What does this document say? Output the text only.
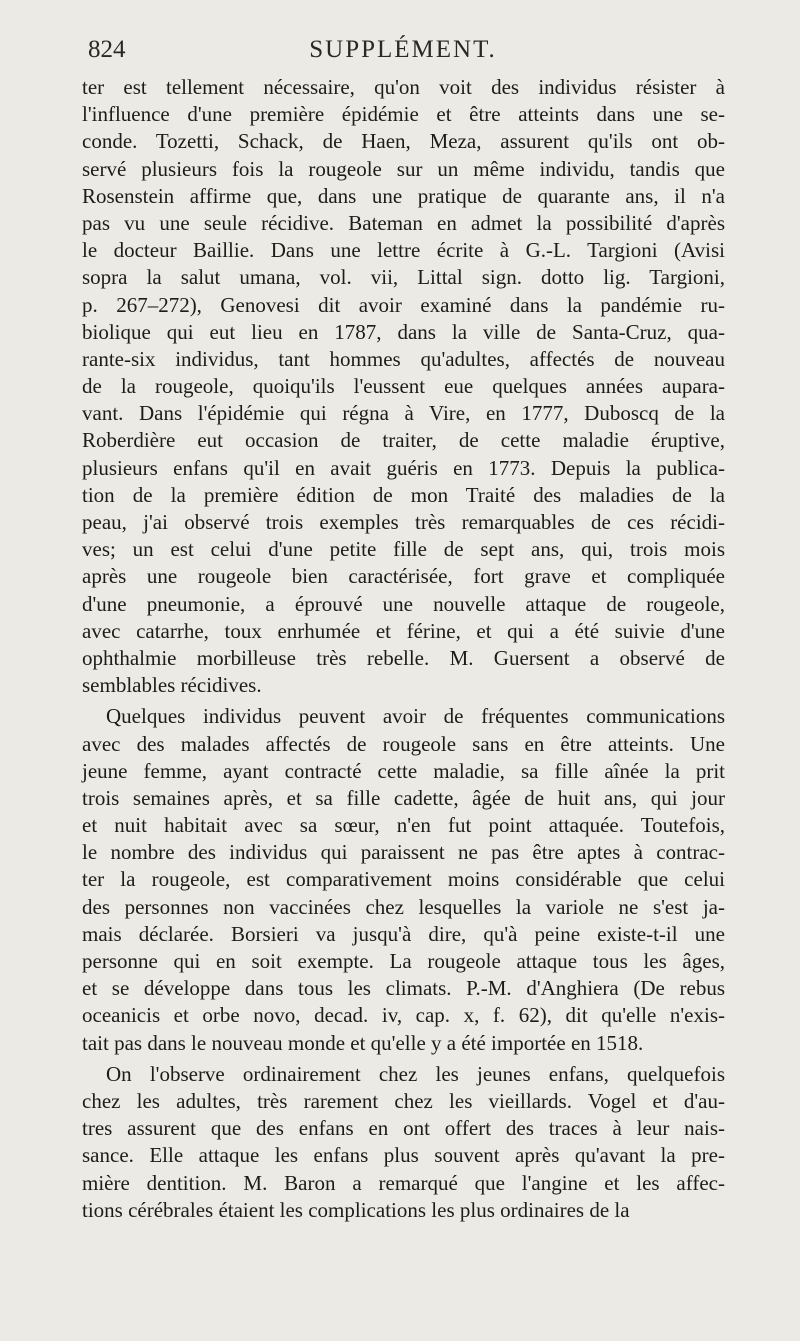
824	SUPPLÉMENT.
ter est tellement nécessaire, qu'on voit des individus résister à
l'influence d'une première épidémie et être atteints dans une se-
conde. Tozetti, Schack, de Haen, Meza, assurent qu'ils ont ob-
servé plusieurs fois la rougeole sur un même individu, tandis que
Rosenstein affirme que, dans une pratique de quarante ans, il n'a
pas vu une seule récidive. Bateman en admet la possibilité d'après
le docteur Baillie. Dans une lettre écrite à G.-L. Targioni (Avisi
sopra la salut umana, vol. vii, Littal sign. dotto lig. Targioni,
p. 267–272), Genovesi dit avoir examiné dans la pandémie ru-
biolique qui eut lieu en 1787, dans la ville de Santa-Cruz, qua-
rante-six individus, tant hommes qu'adultes, affectés de nouveau
de la rougeole, quoiqu'ils l'eussent eue quelques années aupara-
vant. Dans l'épidémie qui régna à Vire, en 1777, Duboscq de la
Roberdière eut occasion de traiter, de cette maladie éruptive,
plusieurs enfans qu'il en avait guéris en 1773. Depuis la publica-
tion de la première édition de mon Traité des maladies de la
peau, j'ai observé trois exemples très remarquables de ces récidi-
ves; un est celui d'une petite fille de sept ans, qui, trois mois
après une rougeole bien caractérisée, fort grave et compliquée
d'une pneumonie, a éprouvé une nouvelle attaque de rougeole,
avec catarrhe, toux enrhumée et férine, et qui a été suivie d'une
ophthalmie morbilleuse très rebelle. M. Guersent a observé de
semblables récidives.
Quelques individus peuvent avoir de fréquentes communications
avec des malades affectés de rougeole sans en être atteints. Une
jeune femme, ayant contracté cette maladie, sa fille aînée la prit
trois semaines après, et sa fille cadette, âgée de huit ans, qui jour
et nuit habitait avec sa sœur, n'en fut point attaquée. Toutefois,
le nombre des individus qui paraissent ne pas être aptes à contrac-
ter la rougeole, est comparativement moins considérable que celui
des personnes non vaccinées chez lesquelles la variole ne s'est ja-
mais déclarée. Borsieri va jusqu'à dire, qu'à peine existe-t-il une
personne qui en soit exempte. La rougeole attaque tous les âges,
et se développe dans tous les climats. P.-M. d'Anghiera (De rebus
oceanicis et orbe novo, decad. iv, cap. x, f. 62), dit qu'elle n'exis-
tait pas dans le nouveau monde et qu'elle y a été importée en 1518.
On l'observe ordinairement chez les jeunes enfans, quelquefois
chez les adultes, très rarement chez les vieillards. Vogel et d'au-
tres assurent que des enfans en ont offert des traces à leur nais-
sance. Elle attaque les enfans plus souvent après qu'avant la pre-
mière dentition. M. Baron a remarqué que l'angine et les affec-
tions cérébrales étaient les complications les plus ordinaires de la
